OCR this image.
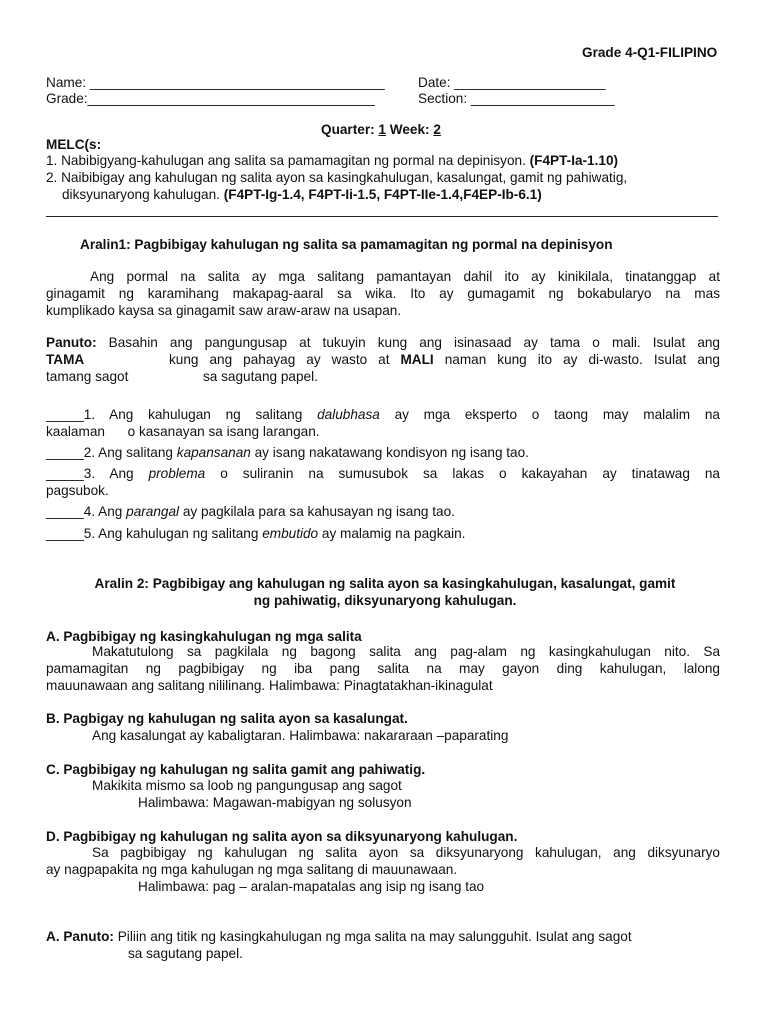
Grade 4-Q1-FILIPINO
Name: _______________________________________ Date: ____________________
Grade:______________________________________	Section: ___________________
Quarter: 1 Week: 2
MELC(s:
1. Nabibigyang-kahulugan ang salita sa pamamagitan ng pormal na depinisyon. (F4PT-Ia-1.10)
2. Naibibigay ang kahulugan ng salita ayon sa kasingkahulugan, kasalungat, gamit ng pahiwatig,
diksyunaryong kahulugan. (F4PT-Ig-1.4, F4PT-Ii-1.5, F4PT-IIe-1.4,F4EP-Ib-6.1)
Aralin1: Pagbibigay kahulugan ng salita sa pamamagitan ng pormal na depinisyon
Ang pormal na salita ay mga salitang pamantayan dahil ito ay kinikilala, tinatanggap at
ginagamit ng karamihang makapag-aaral sa wika. Ito ay gumagamit ng bokabularyo na mas
kumplikado kaysa sa ginagamit saw araw-araw na usapan.
Panuto: Basahin ang pangungusap at tukuyin kung ang isinasaad ay tama o mali. Isulat ang
TAMA	kung ang pahayag ay wasto at MALI naman kung ito ay di-wasto. Isulat ang
tamang sagot	sa sagutang papel.
_____1. Ang kahulugan ng salitang dalubhasa ay mga eksperto o taong may malalim na
kaalaman      o kasanayan sa isang larangan.
_____2. Ang salitang kapansanan ay isang nakatawang kondisyon ng isang tao.
_____3. Ang problema o suliranin na sumusubok sa lakas o kakayahan ay tinatawag na
pagsubok.
_____4. Ang parangal ay pagkilala para sa kahusayan ng isang tao.
_____5. Ang kahulugan ng salitang embutido ay malamig na pagkain.
Aralin 2: Pagbibigay ang kahulugan ng salita ayon sa kasingkahulugan, kasalungat, gamit
ng pahiwatig, diksyunaryong kahulugan.
A. Pagbibigay ng kasingkahulugan ng mga salita
Makatutulong sa pagkilala ng bagong salita ang pag-alam ng kasingkahulugan nito. Sa
pamamagitan ng pagbibigay ng iba pang salita na may gayon ding kahulugan, lalong
mauunawaan ang salitang nililinang. Halimbawa: Pinagtatakhan-ikinagulat
B. Pagbigay ng kahulugan ng salita ayon sa kasalungat.
Ang kasalungat ay kabaligtaran. Halimbawa: nakararaan –paparating
C. Pagbibigay ng kahulugan ng salita gamit ang pahiwatig.
Makikita mismo sa loob ng pangungusap ang sagot
Halimbawa: Magawan-mabigyan ng solusyon
D. Pagbibigay ng kahulugan ng salita ayon sa diksyunaryong kahulugan.
Sa pagbibigay ng kahulugan ng salita ayon sa diksyunaryong kahulugan, ang diksyunaryo
ay nagpapakita ng mga kahulugan ng mga salitang di mauunawaan.
Halimbawa: pag – aralan-mapatalas ang isip ng isang tao
A. Panuto: Piliin ang titik ng kasingkahulugan ng mga salita na may salungguhit. Isulat ang sagot
sa sagutang papel.
